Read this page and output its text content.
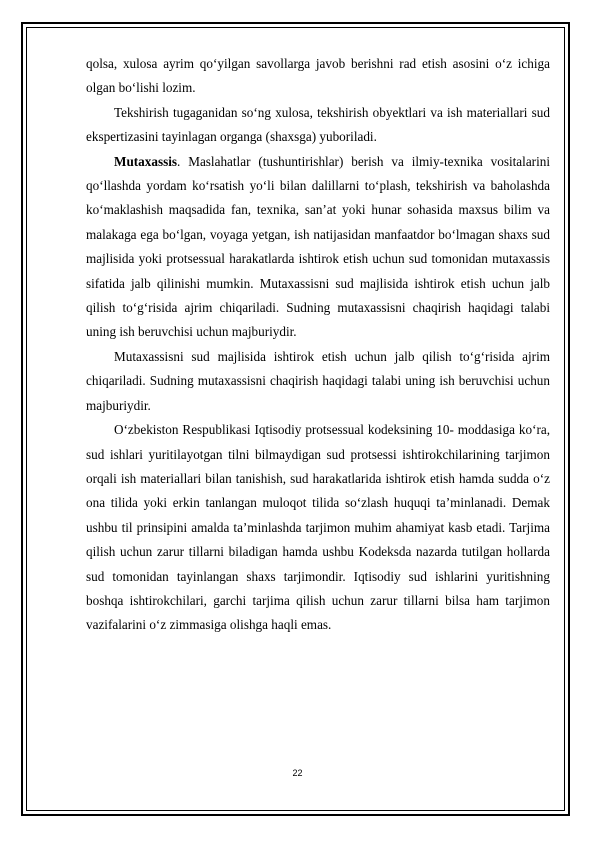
qolsa, xulosa ayrim qo‘yilgan savollarga javob berishni rad etish asosini o‘z ichiga olgan bo‘lishi lozim.

Tekshirish tugaganidan so‘ng xulosa, tekshirish obyektlari va ish materiallari sud ekspertizasini tayinlagan organga (shaxsga) yuboriladi.

Mutaxassis. Maslahatlar (tushuntirishlar) berish va ilmiy-texnika vositalarini qo‘llashda yordam ko‘rsatish yo‘li bilan dalillarni to‘plash, tekshirish va baholashda ko‘maklashish maqsadida fan, texnika, san’at yoki hunar sohasida maxsus bilim va malakaga ega bo‘lgan, voyaga yetgan, ish natijasidan manfaatdor bo‘lmagan shaxs sud majlisida yoki protsessual harakatlarda ishtirok etish uchun sud tomonidan mutaxassis sifatida jalb qilinishi mumkin. Mutaxassisni sud majlisida ishtirok etish uchun jalb qilish to‘g‘risida ajrim chiqariladi. Sudning mutaxassisni chaqirish haqidagi talabi uning ish beruvchisi uchun majburiydir.

Mutaxassisni sud majlisida ishtirok etish uchun jalb qilish to‘g‘risida ajrim chiqariladi. Sudning mutaxassisni chaqirish haqidagi talabi uning ish beruvchisi uchun majburiydir.

O‘zbekiston Respublikasi Iqtisodiy protsessual kodeksining 10- moddasiga ko‘ra, sud ishlari yuritilayotgan tilni bilmaydigan sud protsessi ishtirokchilarining tarjimon orqali ish materiallari bilan tanishish, sud harakatlarida ishtirok etish hamda sudda o‘z ona tilida yoki erkin tanlangan muloqot tilida so‘zlash huquqi ta’minlanadi. Demak ushbu til prinsipini amalda ta’minlashda tarjimon muhim ahamiyat kasb etadi. Tarjima qilish uchun zarur tillarni biladigan hamda ushbu Kodeksda nazarda tutilgan hollarda sud tomonidan tayinlangan shaxs tarjimondir. Iqtisodiy sud ishlarini yuritishning boshqa ishtirokchilari, garchi tarjima qilish uchun zarur tillarni bilsa ham tarjimon vazifalarini o‘z zimmasiga olishga haqli emas.

22
